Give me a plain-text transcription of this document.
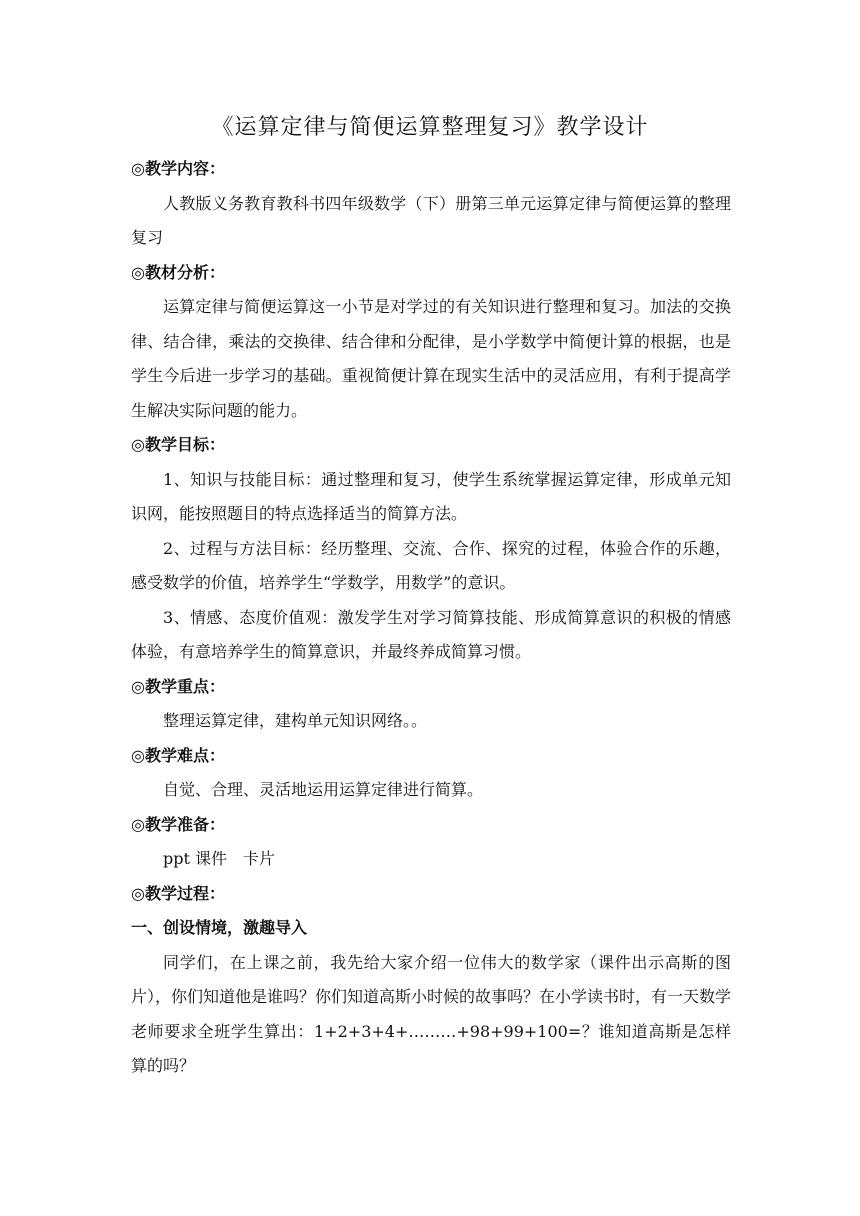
《运算定律与简便运算整理复习》教学设计
◎教学内容：
人教版义务教育教科书四年级数学（下）册第三单元运算定律与简便运算的整理复习
◎教材分析：
运算定律与简便运算这一小节是对学过的有关知识进行整理和复习。加法的交换律、结合律，乘法的交换律、结合律和分配律，是小学数学中简便计算的根据，也是学生今后进一步学习的基础。重视简便计算在现实生活中的灵活应用，有利于提高学生解决实际问题的能力。
◎教学目标：
1、知识与技能目标：通过整理和复习，使学生系统掌握运算定律，形成单元知识网，能按照题目的特点选择适当的简算方法。
2、过程与方法目标：经历整理、交流、合作、探究的过程，体验合作的乐趣，感受数学的价值，培养学生“学数学，用数学”的意识。
3、情感、态度价值观：激发学生对学习简算技能、形成简算意识的积极的情感体验，有意培养学生的简算意识，并最终养成简算习惯。
◎教学重点：
整理运算定律，建构单元知识网络。。
◎教学难点：
自觉、合理、灵活地运用运算定律进行简算。
◎教学准备：
ppt 课件　卡片
◎教学过程：
一、创设情境，激趣导入
同学们，在上课之前，我先给大家介绍一位伟大的数学家（课件出示高斯的图片），你们知道他是谁吗？你们知道高斯小时候的故事吗？在小学读书时，有一天数学老师要求全班学生算出：1+2+3+4+………+98+99+100=？谁知道高斯是怎样算的吗？
